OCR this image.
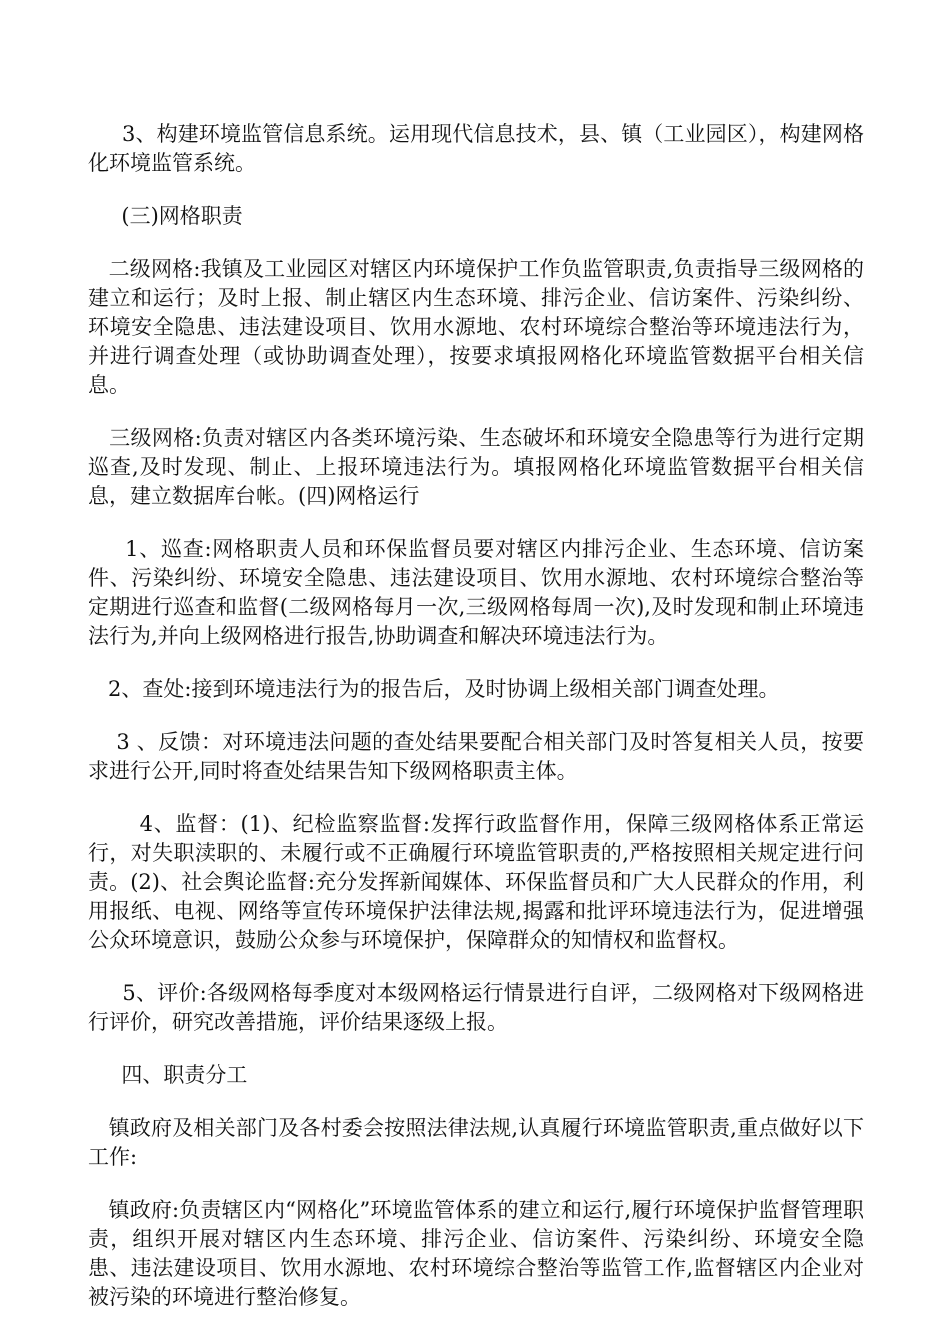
3、构建环境监管信息系统。运用现代信息技术，县、镇（工业园区），构建网格化环境监管系统。

(三)网格职责

二级网格:我镇及工业园区对辖区内环境保护工作负监管职责,负责指导三级网格的建立和运行；及时上报、制止辖区内生态环境、排污企业、信访案件、污染纠纷、环境安全隐患、违法建设项目、饮用水源地、农村环境综合整治等环境违法行为，并进行调查处理（或协助调查处理），按要求填报网格化环境监管数据平台相关信息。

三级网格:负责对辖区内各类环境污染、生态破坏和环境安全隐患等行为进行定期巡查,及时发现、制止、上报环境违法行为。填报网格化环境监管数据平台相关信息，建立数据库台帐。(四)网格运行

1、巡查:网格职责人员和环保监督员要对辖区内排污企业、生态环境、信访案件、污染纠纷、环境安全隐患、违法建设项目、饮用水源地、农村环境综合整治等定期进行巡查和监督(二级网格每月一次,三级网格每周一次),及时发现和制止环境违法行为,并向上级网格进行报告,协助调查和解决环境违法行为。

2、查处:接到环境违法行为的报告后，及时协调上级相关部门调查处理。

3 、反馈：对环境违法问题的查处结果要配合相关部门及时答复相关人员，按要求进行公开,同时将查处结果告知下级网格职责主体。

4、监督：(1)、纪检监察监督:发挥行政监督作用，保障三级网格体系正常运行，对失职渎职的、未履行或不正确履行环境监管职责的,严格按照相关规定进行问责。(2)、社会舆论监督:充分发挥新闻媒体、环保监督员和广大人民群众的作用，利用报纸、电视、网络等宣传环境保护法律法规,揭露和批评环境违法行为，促进增强公众环境意识，鼓励公众参与环境保护，保障群众的知情权和监督权。

5、评价:各级网格每季度对本级网格运行情景进行自评，二级网格对下级网格进行评价，研究改善措施，评价结果逐级上报。

四、职责分工

镇政府及相关部门及各村委会按照法律法规,认真履行环境监管职责,重点做好以下工作:

镇政府:负责辖区内“网格化”环境监管体系的建立和运行,履行环境保护监督管理职责，组织开展对辖区内生态环境、排污企业、信访案件、污染纠纷、环境安全隐患、违法建设项目、饮用水源地、农村环境综合整治等监管工作,监督辖区内企业对被污染的环境进行整治修复。
